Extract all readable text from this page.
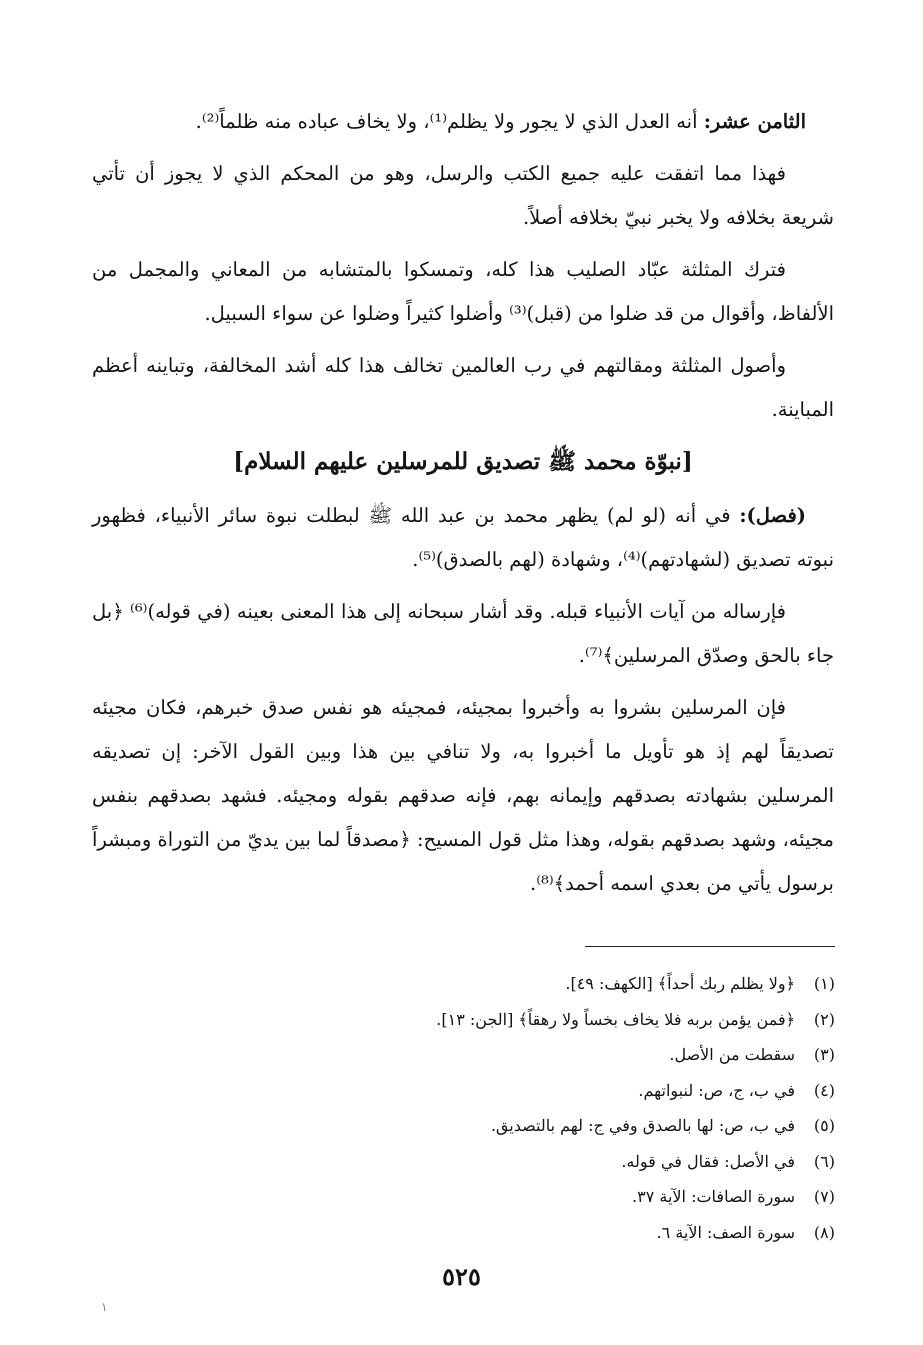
الثامن عشر: أنه العدل الذي لا يجور ولا يظلم⁽¹⁾، ولا يخاف عباده منه ظلماً⁽²⁾.

فهذا مما اتفقت عليه جميع الكتب والرسل، وهو من المحكم الذي لا يجوز أن تأتي شريعة بخلافه ولا يخبر نبيّ بخلافه أصلاً.

فترك المثلثة عبّاد الصليب هذا كله، وتمسكوا بالمتشابه من المعاني والمجمل من الألفاظ، وأقوال من قد ضلوا من (قبل)⁽³⁾ وأضلوا كثيراً وضلوا عن سواء السبيل.

وأصول المثلثة ومقالتهم في رب العالمين تخالف هذا كله أشد المخالفة، وتباينه أعظم المباينة.

[نبوّة محمد ﷺ تصديق للمرسلين عليهم السلام]

(فصل): في أنه (لو لم) يظهر محمد بن عبد الله ﷺ لبطلت نبوة سائر الأنبياء، فظهور نبوته تصديق (لشهادتهم)⁽⁴⁾، وشهادة (لهم بالصدق)⁽⁵⁾.

فإرساله من آيات الأنبياء قبله. وقد أشار سبحانه إلى هذا المعنى بعينه (في قوله)⁽⁶⁾ ﴿بل جاء بالحق وصدّق المرسلين﴾⁽⁷⁾.

فإن المرسلين بشروا به وأخبروا بمجيئه، فمجيئه هو نفس صدق خبرهم، فكان مجيئه تصديقاً لهم إذ هو تأويل ما أخبروا به، ولا تنافي بين هذا وبين القول الآخر: إن تصديقه المرسلين بشهادته بصدقهم وإيمانه بهم، فإنه صدقهم بقوله ومجيئه. فشهد بصدقهم بنفس مجيئه، وشهد بصدقهم بقوله، وهذا مثل قول المسيح: ﴿مصدقاً لما بين يديّ من التوراة ومبشراً برسول يأتي من بعدي اسمه أحمد﴾⁽⁸⁾.

(١)﴿ولا يظلم ربك أحداً﴾ [الكهف: ٤٩].
(٢)﴿فمن يؤمن بربه فلا يخاف بخساً ولا رهقاً﴾ [الجن: ١٣].
(٣)سقطت من الأصل.
(٤)في ب، ج، ص: لنبواتهم.
(٥)في ب، ص: لها بالصدق وفي ج: لهم بالتصديق.
(٦)في الأصل: فقال في قوله.
(٧)سورة الصافات: الآية ٣٧.
(٨)سورة الصف: الآية ٦.
٥٢٥
١
